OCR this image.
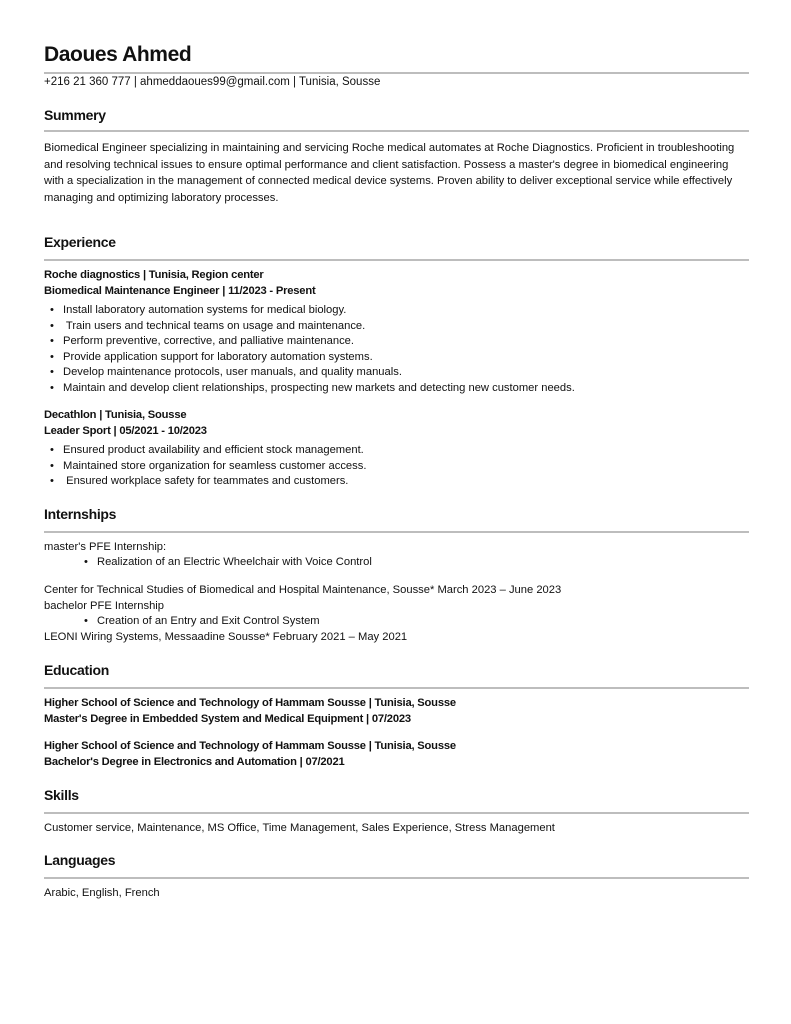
Daoues Ahmed
+216 21 360 777 | ahmeddaoues99@gmail.com | Tunisia, Sousse
Summery

Biomedical Engineer specializing in maintaining and servicing Roche medical automates at Roche Diagnostics. Proficient in troubleshooting and resolving technical issues to ensure optimal performance and client satisfaction. Possess a master's degree in biomedical engineering with a specialization in the management of connected medical device systems. Proven ability to deliver exceptional service while effectively managing and optimizing laboratory processes.

Experience
Roche diagnostics | Tunisia, Region center
Biomedical Maintenance Engineer | 11/2023 - Present
• Install laboratory automation systems for medical biology.
• Train users and technical teams on usage and maintenance.
• Perform preventive, corrective, and palliative maintenance.
• Provide application support for laboratory automation systems.
• Develop maintenance protocols, user manuals, and quality manuals.
• Maintain and develop client relationships, prospecting new markets and detecting new customer needs.
Decathlon | Tunisia, Sousse
Leader Sport | 05/2021 - 10/2023
• Ensured product availability and efficient stock management.
• Maintained store organization for seamless customer access.
• Ensured workplace safety for teammates and customers.
Internships
master's PFE Internship:
• Realization of an Electric Wheelchair with Voice Control
Center for Technical Studies of Biomedical and Hospital Maintenance, Sousse* March 2023 – June 2023
bachelor PFE Internship
• Creation of an Entry and Exit Control System
LEONI Wiring Systems, Messaadine Sousse* February 2021 – May 2021
Education
Higher School of Science and Technology of Hammam Sousse | Tunisia, Sousse
Master's Degree in Embedded System and Medical Equipment | 07/2023
Higher School of Science and Technology of Hammam Sousse | Tunisia, Sousse
Bachelor's Degree in Electronics and Automation | 07/2021
Skills
Customer service, Maintenance, MS Office, Time Management, Sales Experience, Stress Management
Languages
Arabic, English, French
